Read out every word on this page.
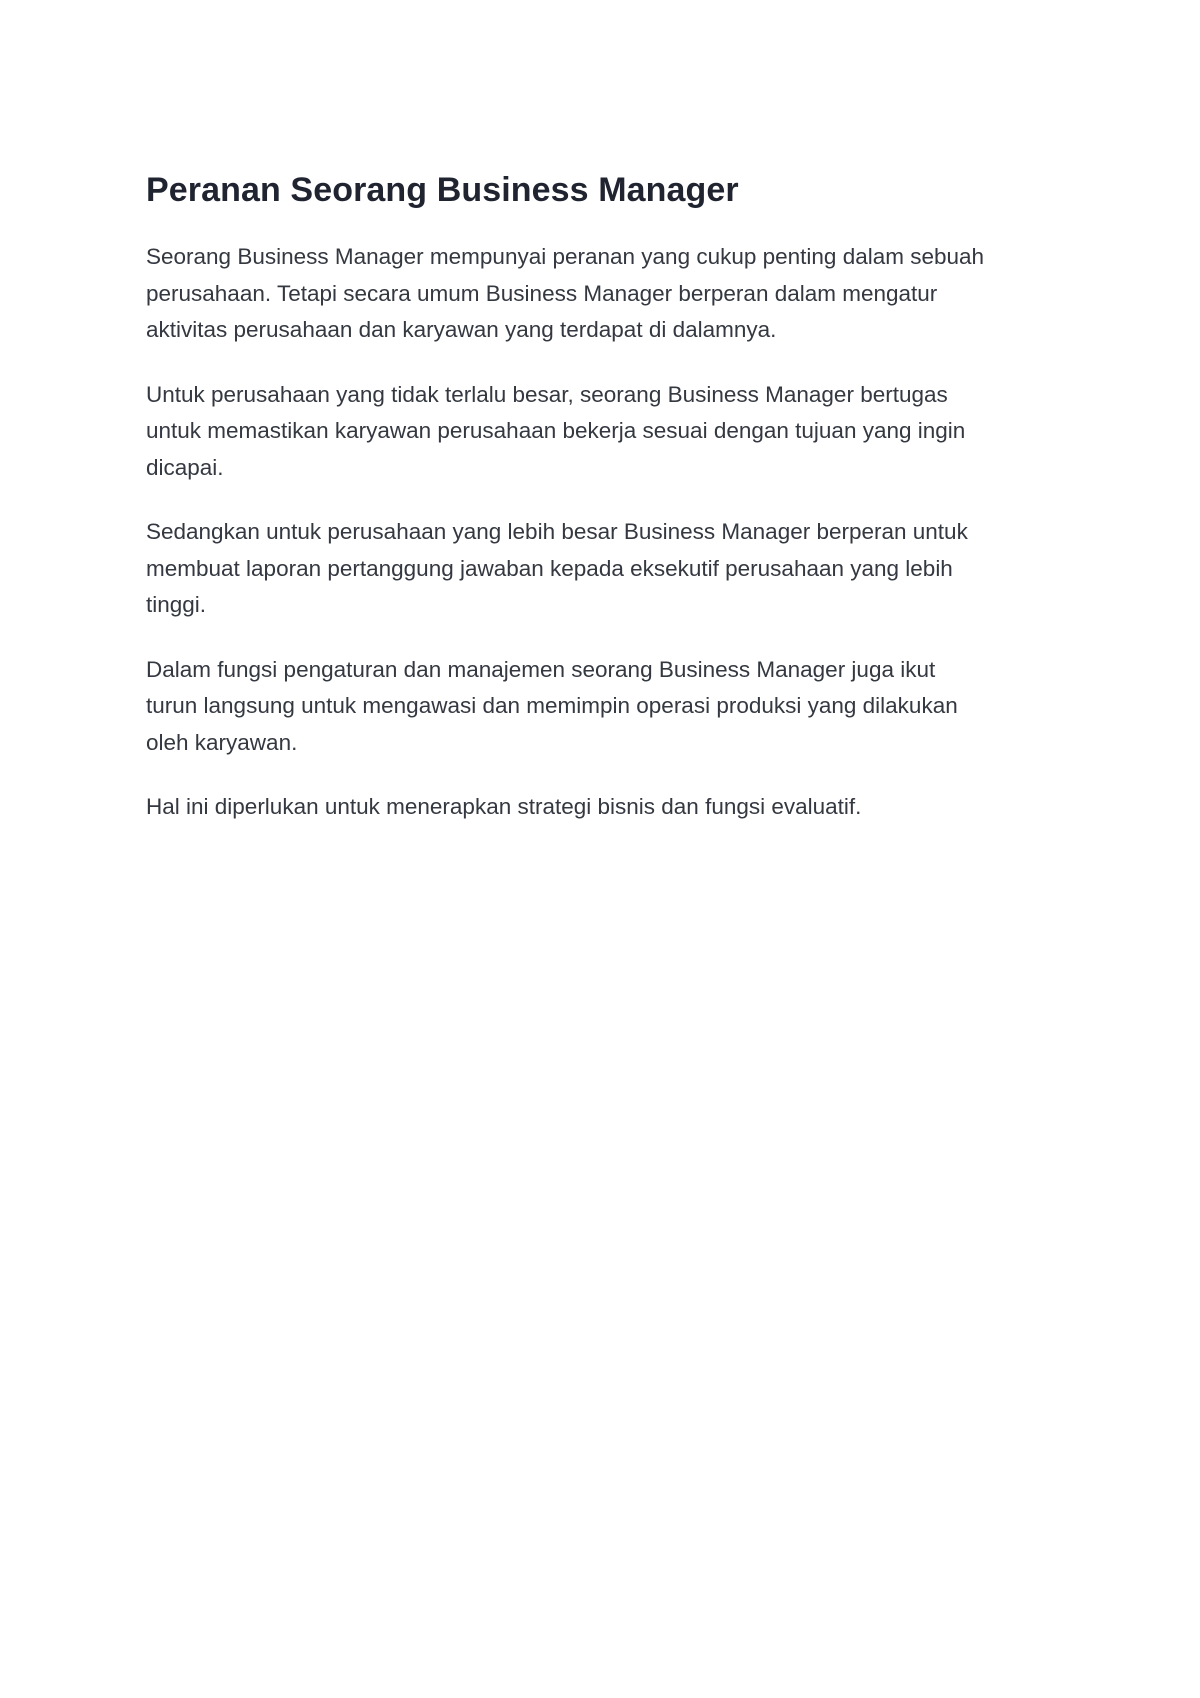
Peranan Seorang Business Manager

Seorang Business Manager mempunyai peranan yang cukup penting dalam sebuah
perusahaan. Tetapi secara umum Business Manager berperan dalam mengatur
aktivitas perusahaan dan karyawan yang terdapat di dalamnya.

Untuk perusahaan yang tidak terlalu besar, seorang Business Manager bertugas
untuk memastikan karyawan perusahaan bekerja sesuai dengan tujuan yang ingin
dicapai.

Sedangkan untuk perusahaan yang lebih besar Business Manager berperan untuk
membuat laporan pertanggung jawaban kepada eksekutif perusahaan yang lebih
tinggi.

Dalam fungsi pengaturan dan manajemen seorang Business Manager juga ikut
turun langsung untuk mengawasi dan memimpin operasi produksi yang dilakukan
oleh karyawan.

Hal ini diperlukan untuk menerapkan strategi bisnis dan fungsi evaluatif.
